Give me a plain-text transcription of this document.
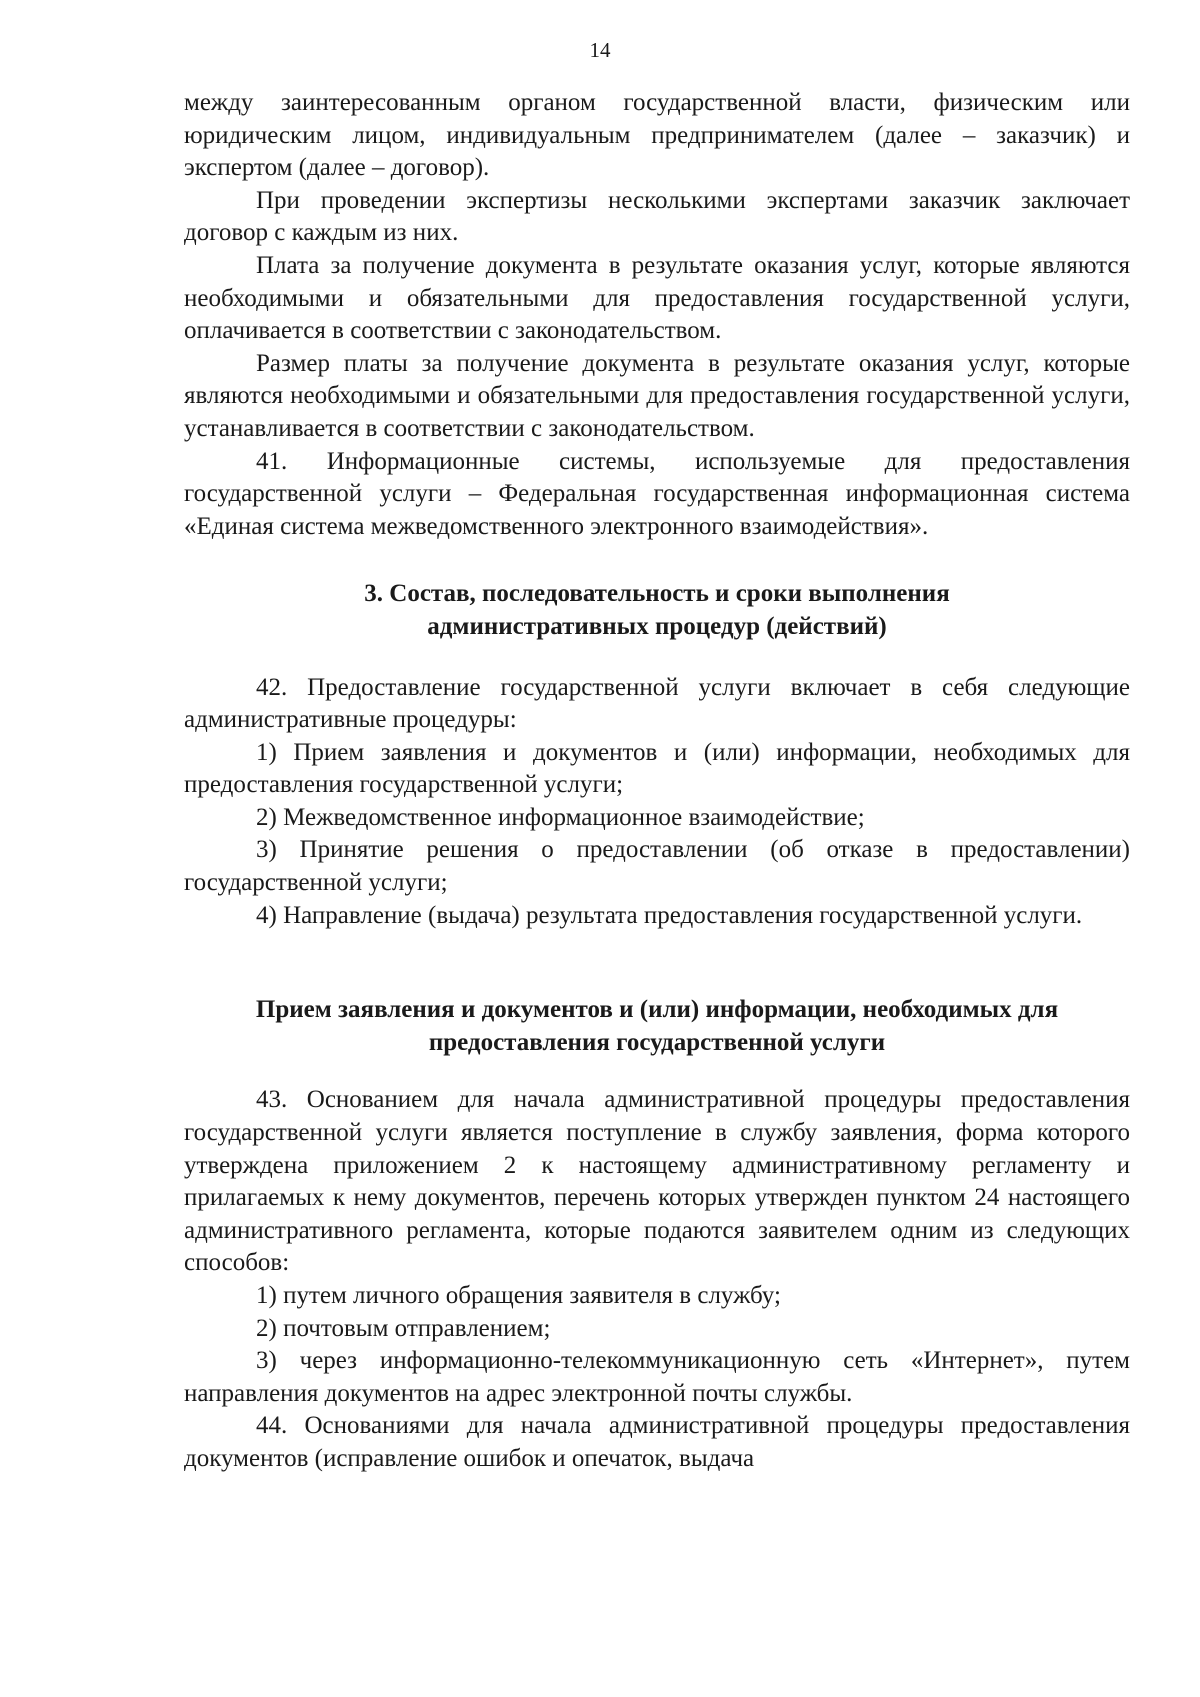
14

между заинтересованным органом государственной власти, физическим или юридическим лицом, индивидуальным предпринимателем (далее – заказчик) и экспертом (далее – договор).

При проведении экспертизы несколькими экспертами заказчик заключает договор с каждым из них.

Плата за получение документа в результате оказания услуг, которые являются необходимыми и обязательными для предоставления государственной услуги, оплачивается в соответствии с законодательством.

Размер платы за получение документа в результате оказания услуг, которые являются необходимыми и обязательными для предоставления государственной услуги, устанавливается в соответствии с законодательством.

41. Информационные системы, используемые для предоставления государственной услуги – Федеральная государственная информационная система «Единая система межведомственного электронного взаимодействия».

3. Состав, последовательность и сроки выполнения
административных процедур (действий)

42. Предоставление государственной услуги включает в себя следующие административные процедуры:

1) Прием заявления и документов и (или) информации, необходимых для предоставления государственной услуги;

2) Межведомственное информационное взаимодействие;

3) Принятие решения о предоставлении (об отказе в предоставлении) государственной услуги;

4) Направление (выдача) результата предоставления государственной услуги.

Прием заявления и документов и (или) информации, необходимых для
предоставления государственной услуги

43. Основанием для начала административной процедуры предоставления государственной услуги является поступление в службу заявления, форма которого утверждена приложением 2 к настоящему административному регламенту и прилагаемых к нему документов, перечень которых утвержден пунктом 24 настоящего административного регламента, которые подаются заявителем одним из следующих способов:

1) путем личного обращения заявителя в службу;

2) почтовым отправлением;

3) через информационно-телекоммуникационную сеть «Интернет», путем направления документов на адрес электронной почты службы.

44. Основаниями для начала административной процедуры предоставления документов (исправление ошибок и опечаток, выдача
